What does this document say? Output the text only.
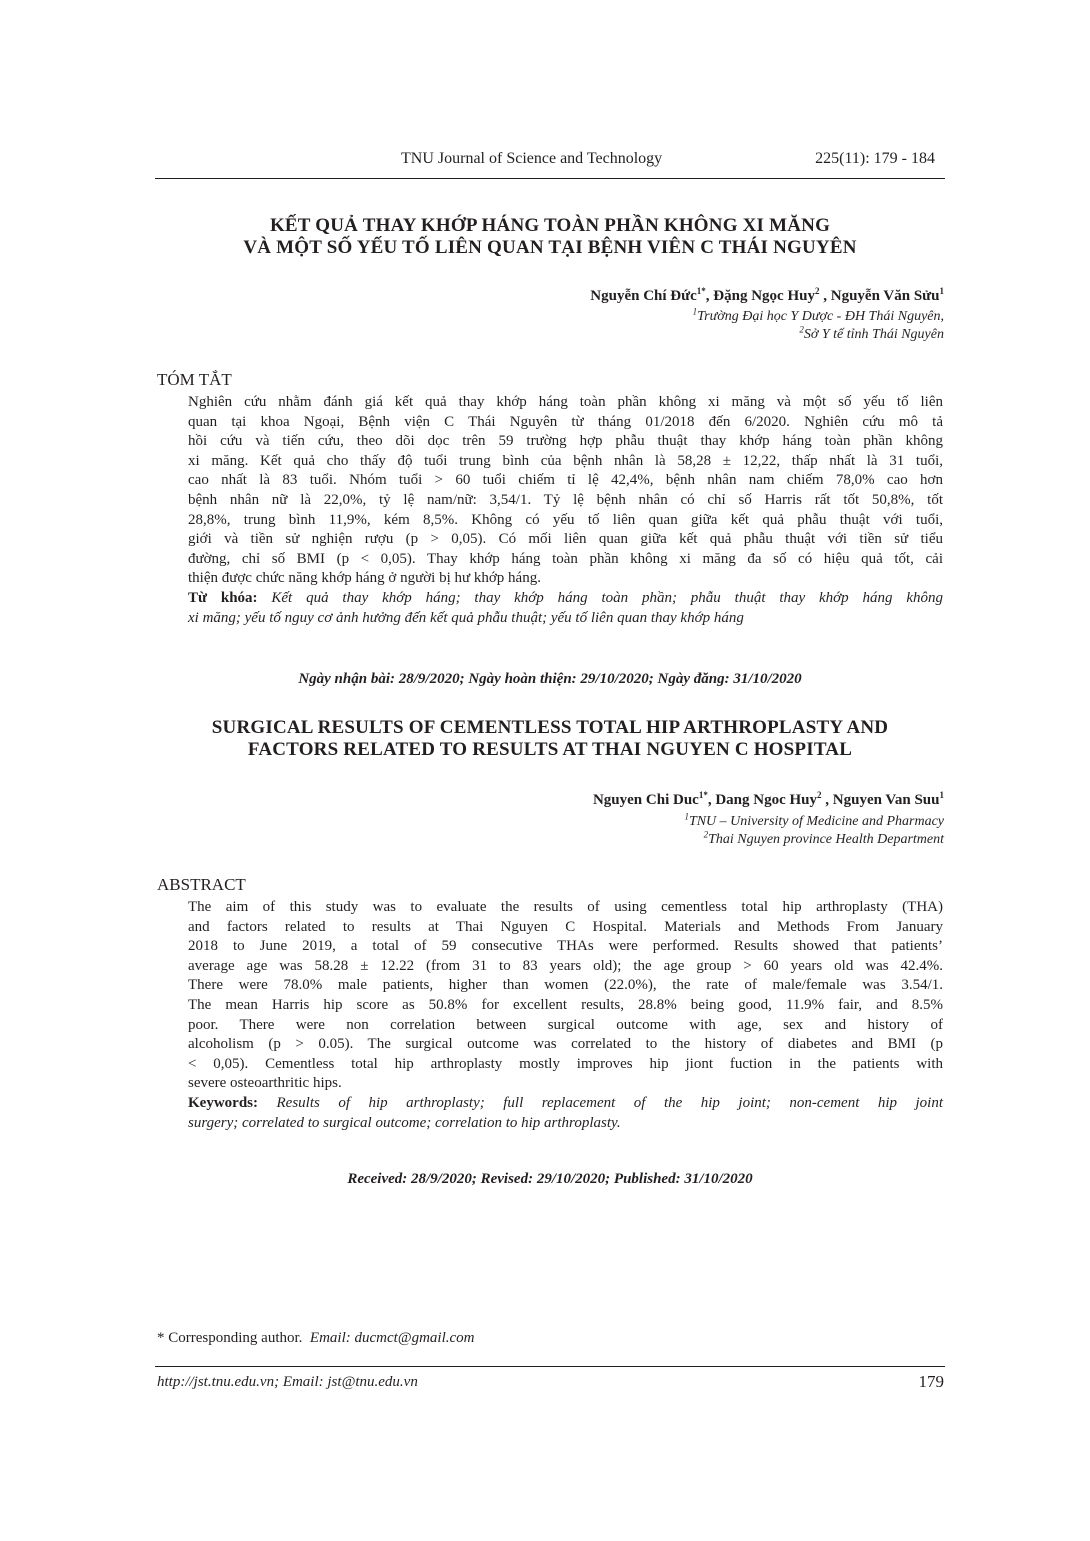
TNU Journal of Science and Technology	225(11): 179 - 184
KẾT QUẢ THAY KHỚP HÁNG TOÀN PHẦN KHÔNG XI MĂNG
VÀ MỘT SỐ YẾU TỐ LIÊN QUAN TẠI BỆNH VIÊN C THÁI NGUYÊN
Nguyễn Chí Đức$^{1*}$, Đặng Ngọc Huy$^2$ , Nguyễn Văn Sửu$^1$
$^1$Trường Đại học Y Dược - ĐH Thái Nguyên,
$^2$Sở Y tế tỉnh Thái Nguyên
TÓM TẮT
Nghiên cứu nhằm đánh giá kết quả thay khớp háng toàn phần không xi măng và một số yếu tố liên
quan tại khoa Ngoại, Bệnh viện C Thái Nguyên từ tháng 01/2018 đến 6/2020. Nghiên cứu mô tả
hồi cứu và tiến cứu, theo dõi dọc trên 59 trường hợp phẫu thuật thay khớp háng toàn phần không
xi măng. Kết quả cho thấy độ tuổi trung bình của bệnh nhân là 58,28 ± 12,22, thấp nhất là 31 tuổi,
cao nhất là 83 tuổi. Nhóm tuổi > 60 tuổi chiếm tỉ lệ 42,4%, bệnh nhân nam chiếm 78,0% cao hơn
bệnh nhân nữ là 22,0%, tỷ lệ nam/nữ: 3,54/1. Tỷ lệ bệnh nhân có chỉ số Harris rất tốt 50,8%, tốt
28,8%, trung bình 11,9%, kém 8,5%. Không có yếu tố liên quan giữa kết quả phẫu thuật với tuổi,
giới và tiền sử nghiện rượu (p > 0,05). Có mối liên quan giữa kết quả phẫu thuật với tiền sử tiểu
đường, chỉ số BMI (p < 0,05). Thay khớp háng toàn phần không xi măng đa số có hiệu quả tốt, cải
thiện được chức năng khớp háng ở người bị hư khớp háng.
Từ khóa: Kết quả thay khớp háng; thay khớp háng toàn phần; phẫu thuật thay khớp háng không
xi măng; yếu tố nguy cơ ảnh hưởng đến kết quả phẫu thuật; yếu tố liên quan thay khớp háng
Ngày nhận bài: 28/9/2020; Ngày hoàn thiện: 29/10/2020; Ngày đăng: 31/10/2020
SURGICAL RESULTS OF CEMENTLESS TOTAL HIP ARTHROPLASTY AND
FACTORS RELATED TO RESULTS AT THAI NGUYEN C HOSPITAL
Nguyen Chi Duc$^{1*}$, Dang Ngoc Huy$^2$ , Nguyen Van Suu$^1$
$^1$TNU – University of Medicine and Pharmacy
$^2$Thai Nguyen province Health Department
ABSTRACT
The aim of this study was to evaluate the results of using cementless total hip arthroplasty (THA)
and factors related to results at Thai Nguyen C Hospital. Materials and Methods From January
2018 to June 2019, a total of 59 consecutive THAs were performed. Results showed that patients’
average age was 58.28 ± 12.22 (from 31 to 83 years old); the age group > 60 years old was 42.4%.
There were 78.0% male patients, higher than women (22.0%), the rate of male/female was 3.54/1.
The mean Harris hip score as 50.8% for excellent results, 28.8% being good, 11.9% fair, and 8.5%
poor. There were non correlation between surgical outcome with age, sex and history of
alcoholism (p > 0.05). The surgical outcome was correlated to the history of diabetes and BMI (p
< 0,05). Cementless total hip arthroplasty mostly improves hip jiont fuction in the patients with
severe osteoarthritic hips.
Keywords: Results of hip arthroplasty; full replacement of the hip joint; non-cement hip joint
surgery; correlated to surgical outcome; correlation to hip arthroplasty.
Received: 28/9/2020; Revised: 29/10/2020; Published: 31/10/2020
* Corresponding author. Email: ducmct@gmail.com
http://jst.tnu.edu.vn; Email: jst@tnu.edu.vn	179
